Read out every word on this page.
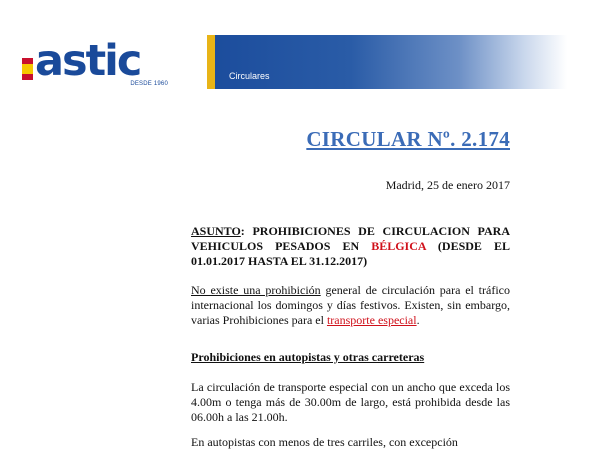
astic
DESDE 1960
Circulares
CIRCULAR Nº. 2.174
Madrid, 25 de enero 2017
ASUNTO: PROHIBICIONES DE CIRCULACION PARA VEHICULOS PESADOS EN BÉLGICA (DESDE EL 01.01.2017 HASTA EL 31.12.2017)
No existe una prohibición general de circulación para el tráfico internacional los domingos y días festivos. Existen, sin embargo, varias Prohibiciones para el transporte especial.
Prohibiciones en autopistas y otras carreteras
La circulación de transporte especial con un ancho que exceda los 4.00m o tenga más de 30.00m de largo, está prohibida desde las 06.00h a las 21.00h.
En autopistas con menos de tres carriles, con excepción
